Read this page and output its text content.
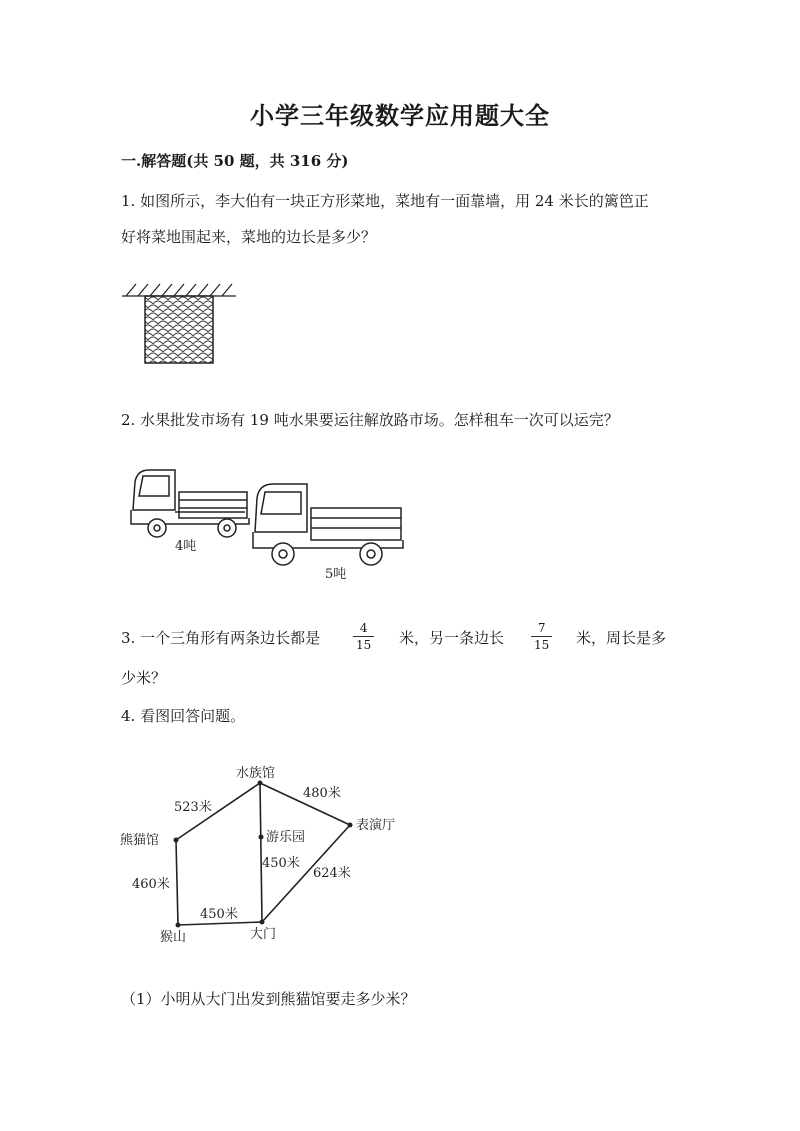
小学三年级数学应用题大全
一.解答题(共 50 题，共 316 分)
1. 如图所示，李大伯有一块正方形菜地，菜地有一面靠墙，用 24 米长的篱笆正
好将菜地围起来，菜地的边长是多少？
2. 水果批发市场有 19 吨水果要运往解放路市场。怎样租车一次可以运完？
4吨
5吨
3. 一个三角形有两条边长都是	$\frac{4}{15}$ 米，另一条边长 $\frac{7}{15}$ 米，周长是多
少米？
4. 看图回答问题。
水族馆
表演厅
熊猫馆	游乐园
猴山	大门
523米
480米
450米
624米
460米
450米
（1）小明从大门出发到熊猫馆要走多少米？
